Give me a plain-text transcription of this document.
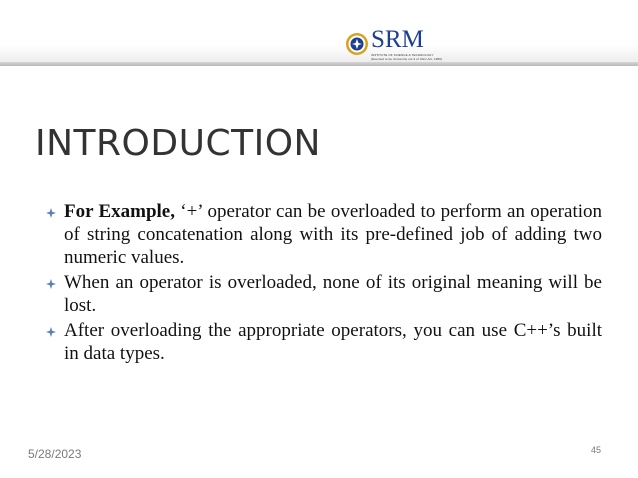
SRM
INSTITUTE OF SCIENCE & TECHNOLOGY
(Deemed to be University u/s 3 of UGC Act, 1956)
INTRODUCTION
For Example, ‘+’ operator can be overloaded to perform an operation of string concatenation along with its pre-defined job of adding two numeric values.
When an operator is overloaded, none of its original meaning will be lost.
After overloading the appropriate operators, you can use C++’s built in data types.
5/28/2023	45
